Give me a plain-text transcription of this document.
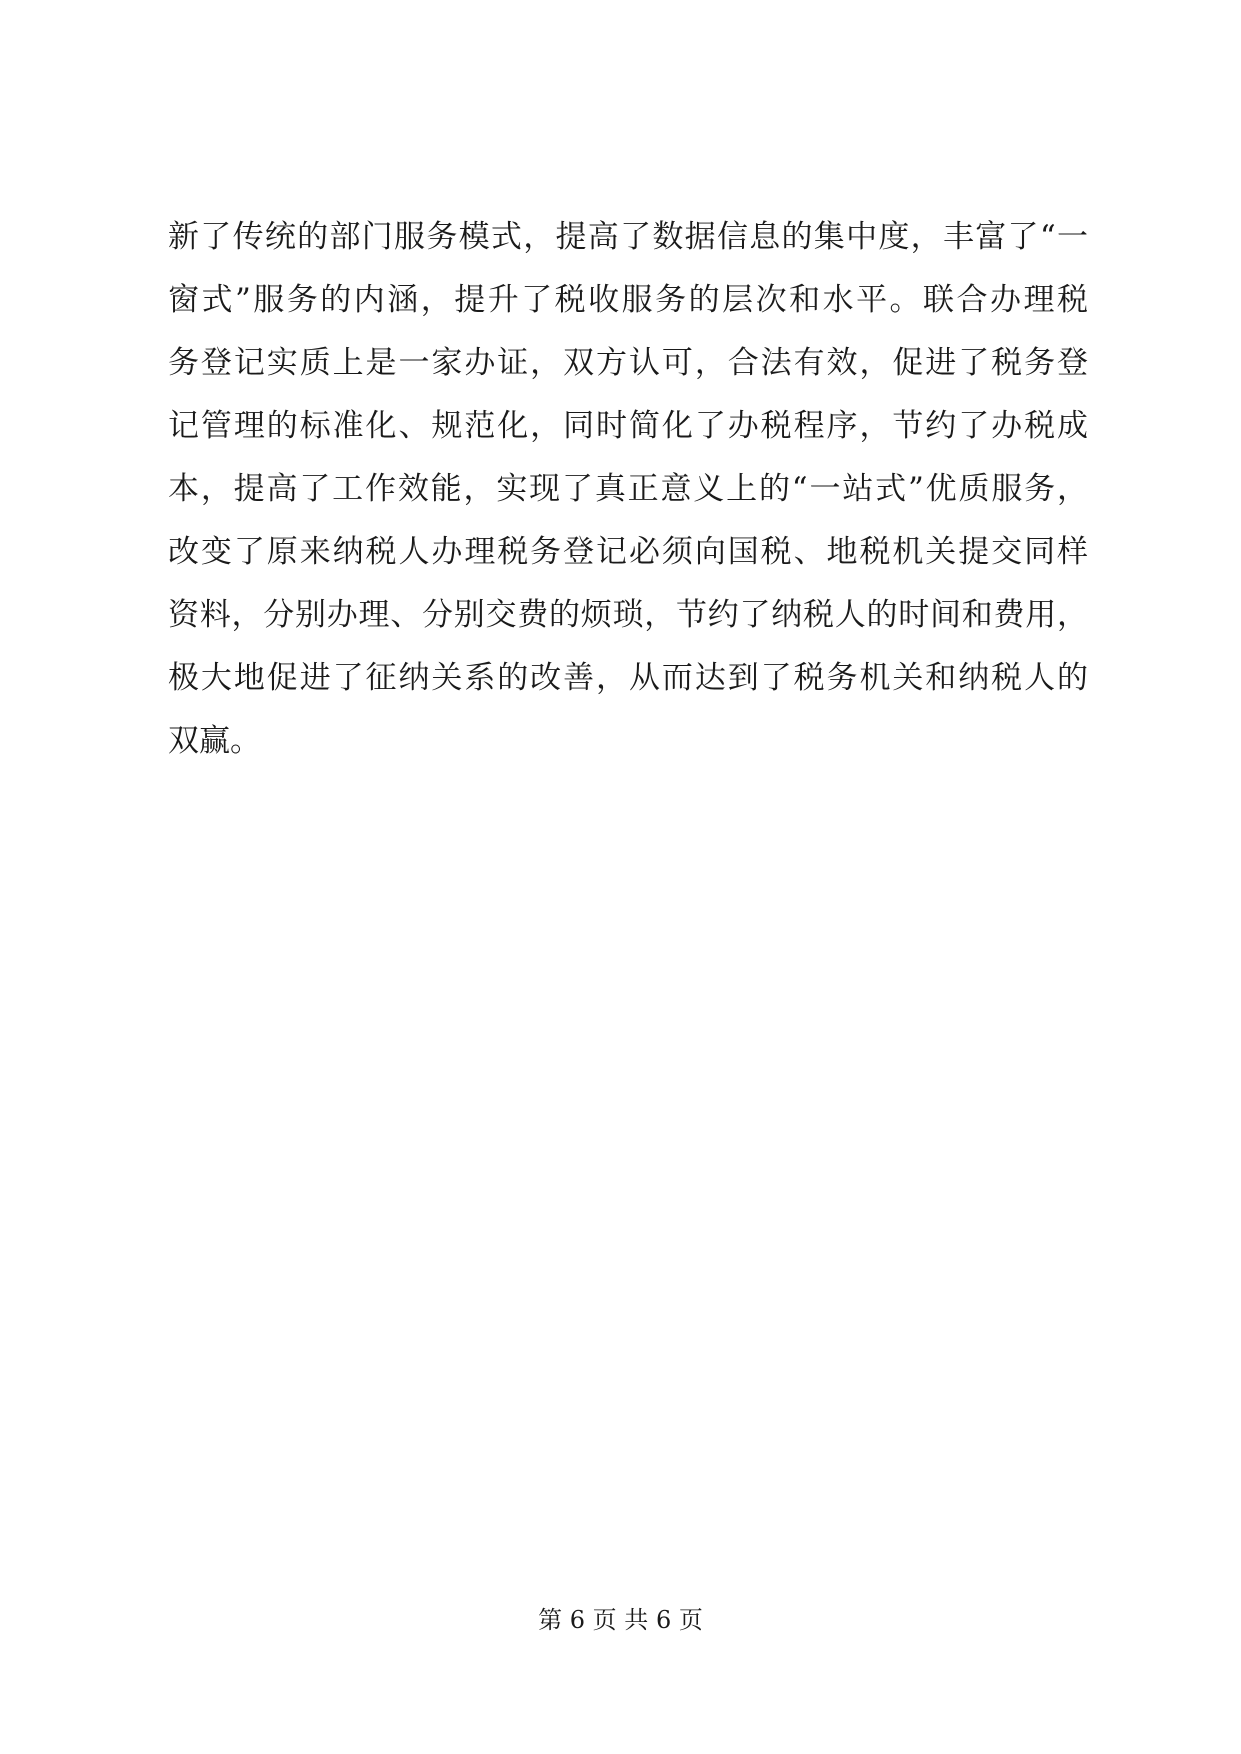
新了传统的部门服务模式，提高了数据信息的集中度，丰富了“一
窗式”服务的内涵，提升了税收服务的层次和水平。联合办理税
务登记实质上是一家办证，双方认可，合法有效，促进了税务登
记管理的标准化、规范化，同时简化了办税程序，节约了办税成
本，提高了工作效能，实现了真正意义上的“一站式”优质服务，
改变了原来纳税人办理税务登记必须向国税、地税机关提交同样
资料，分别办理、分别交费的烦琐，节约了纳税人的时间和费用，
极大地促进了征纳关系的改善，从而达到了税务机关和纳税人的
双赢。
第 6 页 共 6 页
